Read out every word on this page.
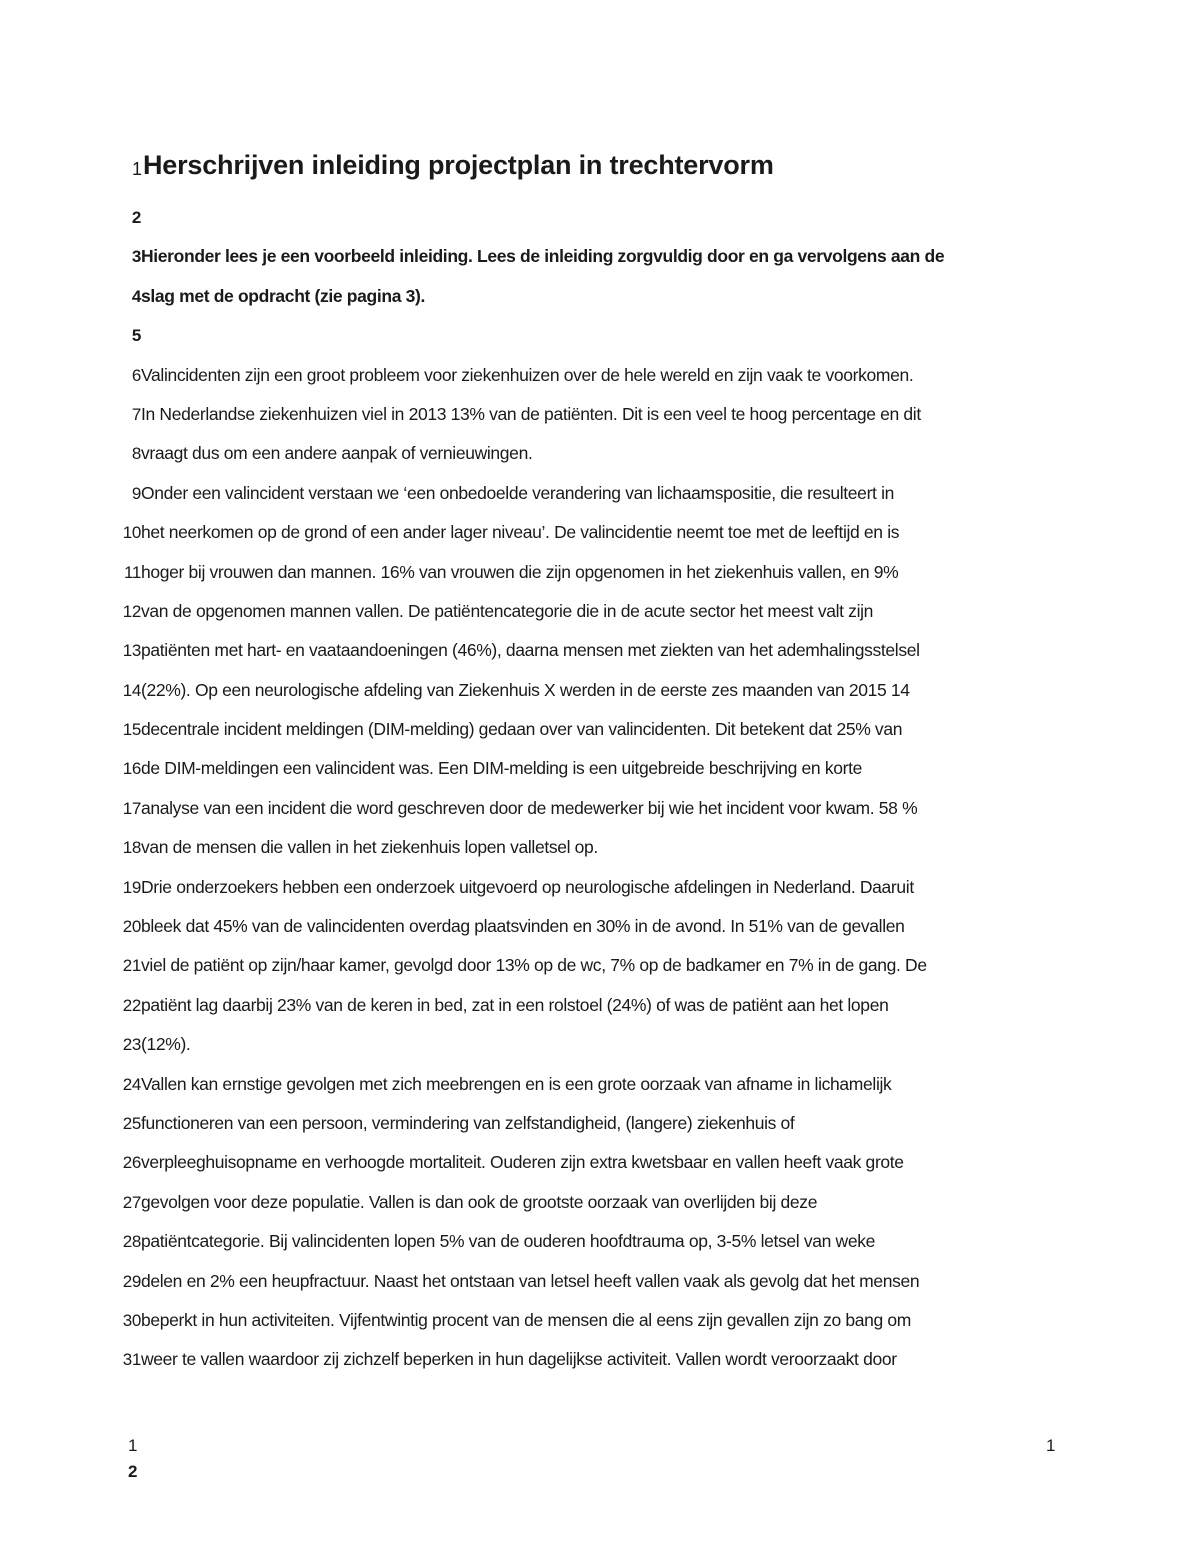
1 Herschrijven inleiding projectplan in trechtervorm
2
3 Hieronder lees je een voorbeeld inleiding. Lees de inleiding zorgvuldig door en ga vervolgens aan de
4 slag met de opdracht (zie pagina 3).
5
6 Valincidenten zijn een groot probleem voor ziekenhuizen over de hele wereld en zijn vaak te voorkomen.
7 In Nederlandse ziekenhuizen viel in 2013 13% van de patiënten. Dit is een veel te hoog percentage en dit
8 vraagt dus om een andere aanpak of vernieuwingen.
9 Onder een valincident verstaan we ‘een onbedoelde verandering van lichaamspositie, die resulteert in
10 het neerkomen op de grond of een ander lager niveau’. De valincidentie neemt toe met de leeftijd en is
11 hoger bij vrouwen dan mannen. 16% van vrouwen die zijn opgenomen in het ziekenhuis vallen, en 9%
12 van de opgenomen mannen vallen. De patiëntencategorie die in de acute sector het meest valt zijn
13 patiënten met hart- en vaataandoeningen (46%), daarna mensen met ziekten van het ademhalingsstelsel
14 (22%). Op een neurologische afdeling van Ziekenhuis X werden in de eerste zes maanden van 2015 14
15 decentrale incident meldingen (DIM-melding) gedaan over van valincidenten. Dit betekent dat 25% van
16 de DIM-meldingen een valincident was. Een DIM-melding is een uitgebreide beschrijving en korte
17 analyse van een incident die word geschreven door de medewerker bij wie het incident voor kwam. 58 %
18 van de mensen die vallen in het ziekenhuis lopen valletsel op.
19 Drie onderzoekers hebben een onderzoek uitgevoerd op neurologische afdelingen in Nederland. Daaruit
20 bleek dat 45% van de valincidenten overdag plaatsvinden en 30% in de avond. In 51% van de gevallen
21 viel de patiënt op zijn/haar kamer, gevolgd door 13% op de wc, 7% op de badkamer en 7% in de gang. De
22 patiënt lag daarbij 23% van de keren in bed, zat in een rolstoel (24%) of was de patiënt aan het lopen
23 (12%).
24 Vallen kan ernstige gevolgen met zich meebrengen en is een grote oorzaak van afname in lichamelijk
25 functioneren van een persoon, vermindering van zelfstandigheid, (langere) ziekenhuis of
26 verpleeghuisopname en verhoogde mortaliteit. Ouderen zijn extra kwetsbaar en vallen heeft vaak grote
27 gevolgen voor deze populatie. Vallen is dan ook de grootste oorzaak van overlijden bij deze
28 patiëntcategorie. Bij valincidenten lopen 5% van de ouderen hoofdtrauma op, 3-5% letsel van weke
29 delen en 2% een heupfractuur. Naast het ontstaan van letsel heeft vallen vaak als gevolg dat het mensen
30 beperkt in hun activiteiten. Vijfentwintig procent van de mensen die al eens zijn gevallen zijn zo bang om
31 weer te vallen waardoor zij zichzelf beperken in hun dagelijkse activiteit. Vallen wordt veroorzaakt door
1
2
1
